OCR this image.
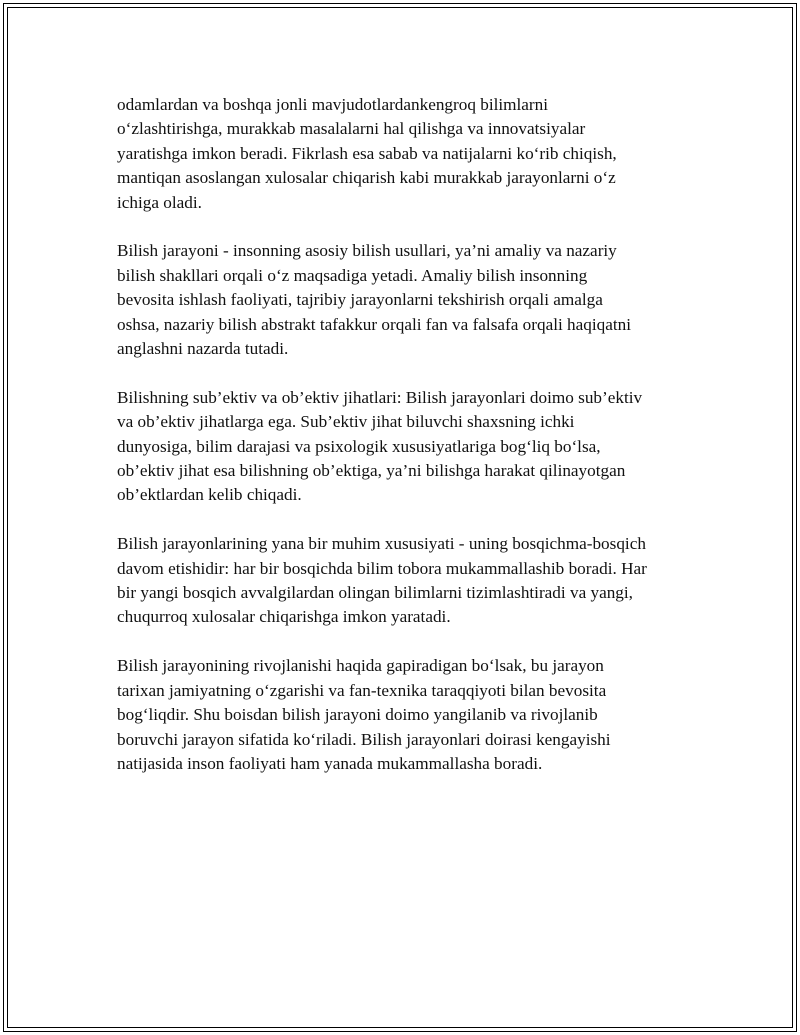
odamlardan va boshqa jonli mavjudotlardankengroq bilimlarni
o‘zlashtirishga, murakkab masalalarni hal qilishga va innovatsiyalar
yaratishga imkon beradi. Fikrlash esa sabab va natijalarni ko‘rib chiqish,
mantiqan asoslangan xulosalar chiqarish kabi murakkab jarayonlarni o‘z
ichiga oladi.

Bilish jarayoni - insonning asosiy bilish usullari, ya’ni amaliy va nazariy
bilish shakllari orqali o‘z maqsadiga yetadi. Amaliy bilish insonning
bevosita ishlash faoliyati, tajribiy jarayonlarni tekshirish orqali amalga
oshsa, nazariy bilish abstrakt tafakkur orqali fan va falsafa orqali haqiqatni
anglashni nazarda tutadi.

Bilishning sub’ektiv va ob’ektiv jihatlari: Bilish jarayonlari doimo sub’ektiv
va ob’ektiv jihatlarga ega. Sub’ektiv jihat biluvchi shaxsning ichki
dunyosiga, bilim darajasi va psixologik xususiyatlariga bog‘liq bo‘lsa,
ob’ektiv jihat esa bilishning ob’ektiga, ya’ni bilishga harakat qilinayotgan
ob’ektlardan kelib chiqadi.

Bilish jarayonlarining yana bir muhim xususiyati - uning bosqichma-bosqich
davom etishidir: har bir bosqichda bilim tobora mukammallashib boradi. Har
bir yangi bosqich avvalgilardan olingan bilimlarni tizimlashtiradi va yangi,
chuqurroq xulosalar chiqarishga imkon yaratadi.

Bilish jarayonining rivojlanishi haqida gapiradigan bo‘lsak, bu jarayon
tarixan jamiyatning o‘zgarishi va fan-texnika taraqqiyoti bilan bevosita
bog‘liqdir. Shu boisdan bilish jarayoni doimo yangilanib va rivojlanib
boruvchi jarayon sifatida ko‘riladi. Bilish jarayonlari doirasi kengayishi
natijasida inson faoliyati ham yanada mukammallasha boradi.
